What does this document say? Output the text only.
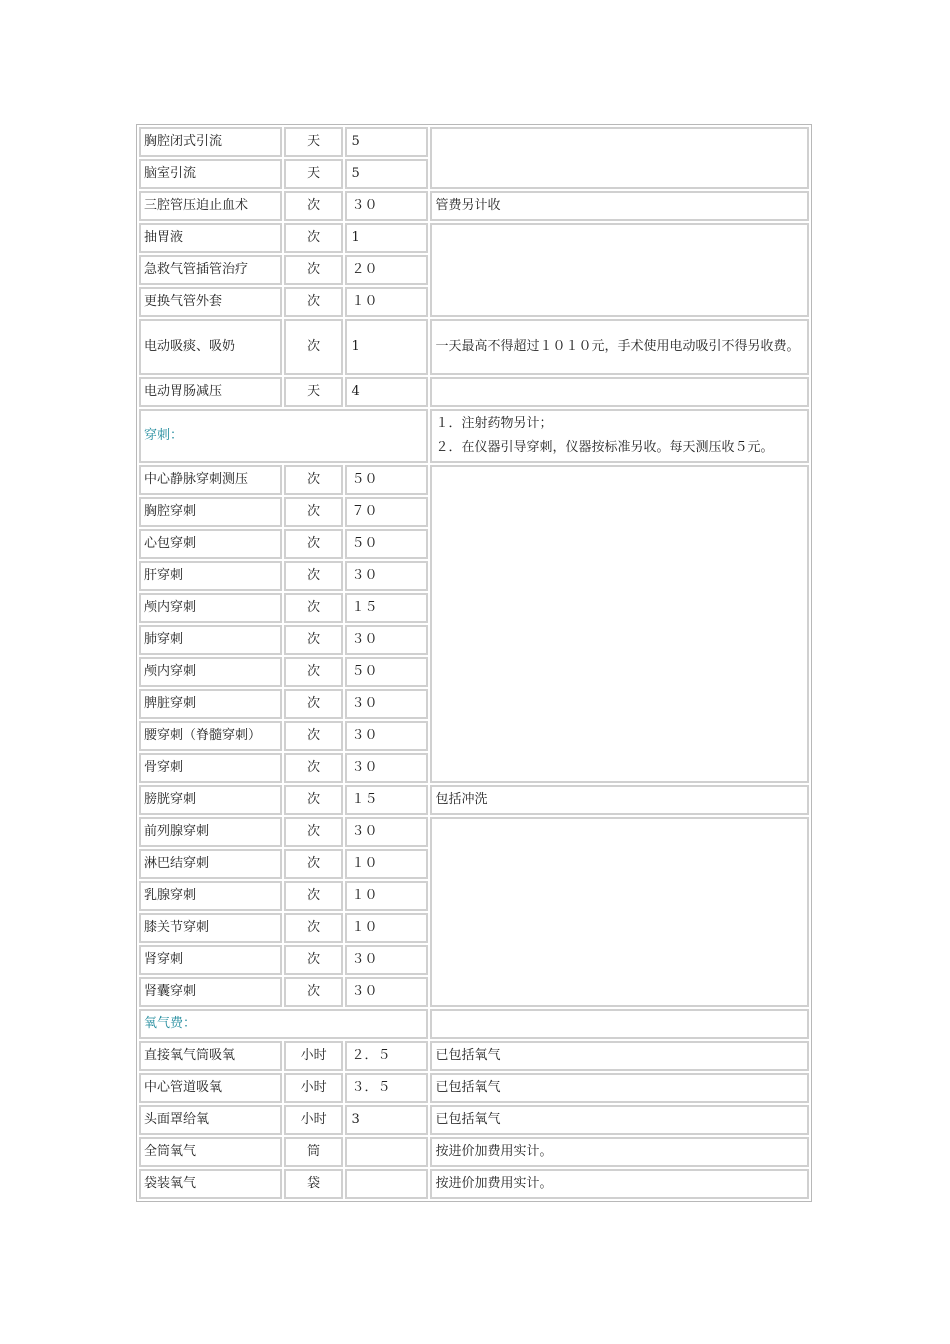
胸腔闭式引流	天	5	
脑室引流	天	5	
三腔管压迫止血术	次	３０	管费另计收
抽胃液	次	1	
急救气管插管治疗	次	２０	
更换气管外套	次	１０	
电动吸痰、吸奶	次	1	一天最高不得超过１０１０元，手术使用电动吸引不得另收费。
电动胃肠减压	天	4	
穿刺：			１．注射药物另计；
２．在仪器引导穿刺，仪器按标准另收。每天测压收５元。

中心静脉穿刺测压	次	５０	
胸腔穿刺	次	７０	
心包穿刺	次	５０	
肝穿刺	次	３０	
颅内穿刺	次	１５	
肺穿刺	次	３０	
颅内穿刺	次	５０	
脾脏穿刺	次	３０	
腰穿刺（脊髓穿刺）	次	３０	
骨穿刺	次	３０	
膀胱穿刺	次	１５	包括冲洗
前列腺穿刺	次	３０	
淋巴结穿刺	次	１０	
乳腺穿刺	次	１０	
膝关节穿刺	次	１０	
肾穿刺	次	３０	
肾囊穿刺	次	３０	
氧气费：			
直接氧气筒吸氧	小时	２．５	已包括氧气
中心管道吸氧	小时	３．５	已包括氧气
头面罩给氧	小时	3	已包括氧气
全筒氧气	筒		按进价加费用实计。
袋装氧气	袋		按进价加费用实计。
